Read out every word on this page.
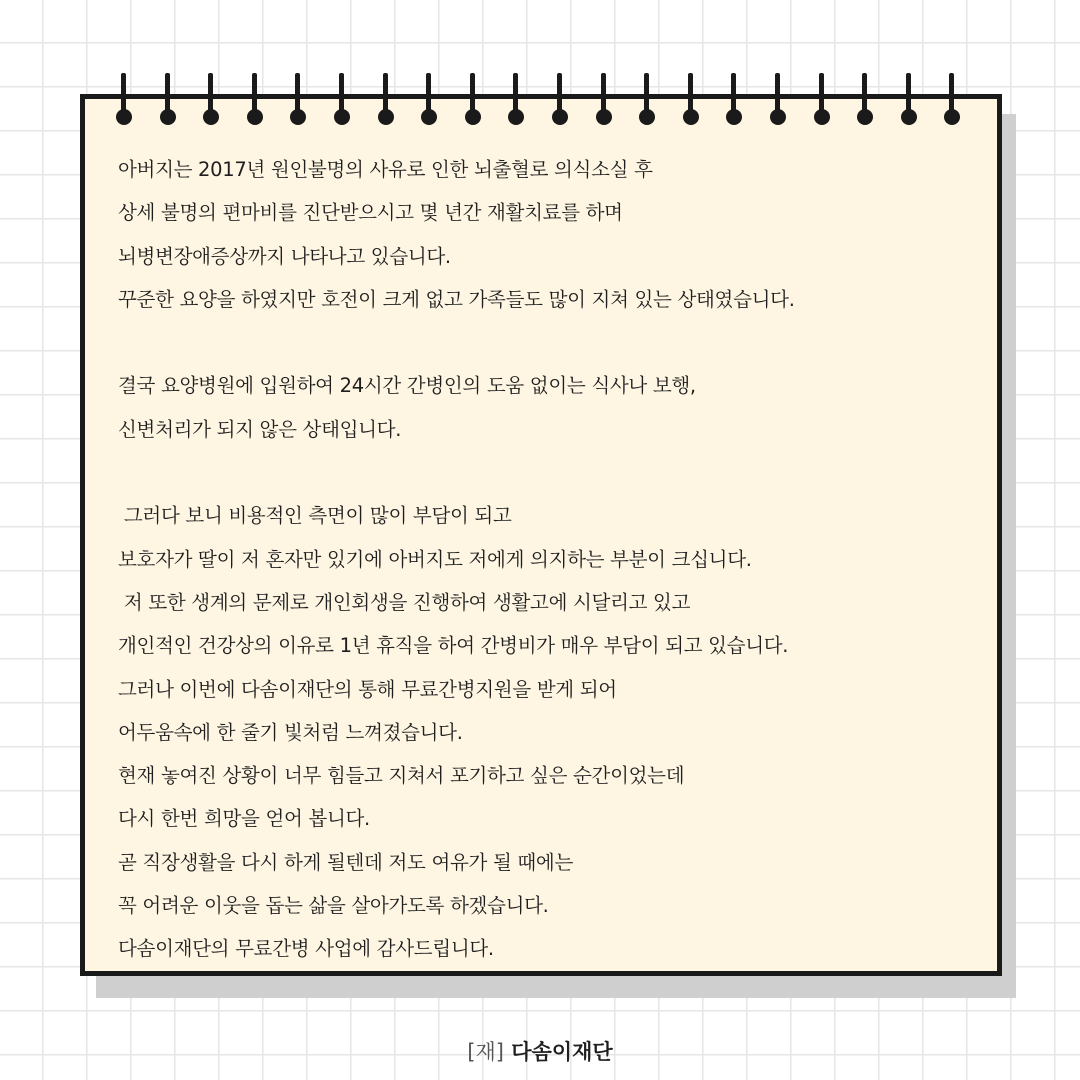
아버지는 2017년 원인불명의 사유로 인한 뇌출혈로 의식소실 후
상세 불명의 편마비를 진단받으시고 몇 년간 재활치료를 하며
뇌병변장애증상까지 나타나고 있습니다.
꾸준한 요양을 하였지만 호전이 크게 없고 가족들도 많이 지쳐 있는 상태였습니다.
결국 요양병원에 입원하여 24시간 간병인의 도움 없이는 식사나 보행,
신변처리가 되지 않은 상태입니다.
그러다 보니 비용적인 측면이 많이 부담이 되고
보호자가 딸이 저 혼자만 있기에 아버지도 저에게 의지하는 부분이 크십니다.
저 또한 생계의 문제로 개인회생을 진행하여 생활고에 시달리고 있고
개인적인 건강상의 이유로 1년 휴직을 하여 간병비가 매우 부담이 되고 있습니다.
그러나 이번에 다솜이재단의 통해 무료간병지원을 받게 되어
어두움속에 한 줄기 빛처럼 느껴졌습니다.
현재 놓여진 상황이 너무 힘들고 지쳐서 포기하고 싶은 순간이었는데
다시 한번 희망을 얻어 봅니다.
곧 직장생활을 다시 하게 될텐데 저도 여유가 될 때에는
꼭 어려운 이웃을 돕는 삶을 살아가도록 하겠습니다.
다솜이재단의 무료간병 사업에 감사드립니다.
[재] 다솜이재단
